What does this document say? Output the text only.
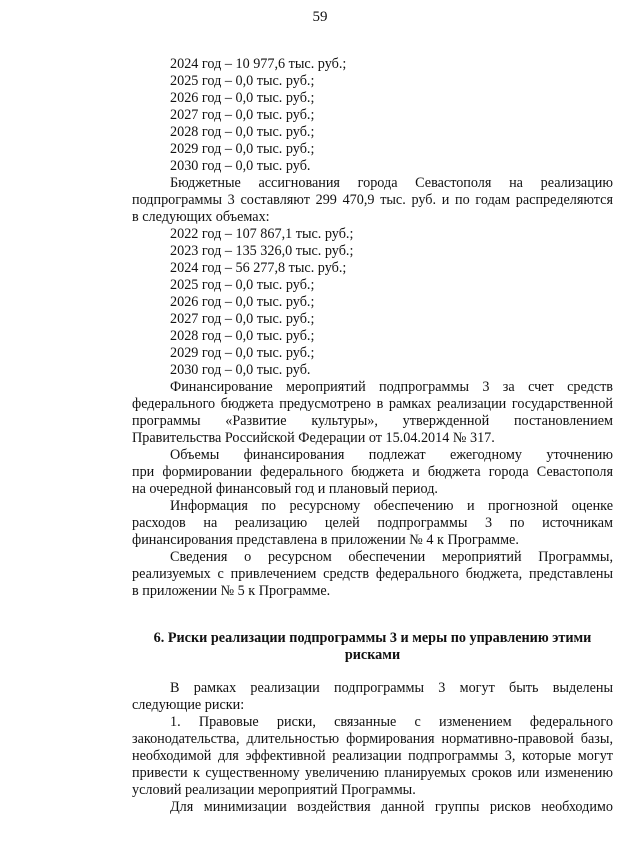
59
2024 год – 10 977,6 тыс. руб.;
2025 год – 0,0 тыс. руб.;
2026 год – 0,0 тыс. руб.;
2027 год – 0,0 тыс. руб.;
2028 год – 0,0 тыс. руб.;
2029 год – 0,0 тыс. руб.;
2030 год – 0,0 тыс. руб.
Бюджетные ассигнования города Севастополя на реализацию
подпрограммы 3 составляют 299 470,9 тыс. руб. и по годам распределяются
в следующих объемах:
2022 год – 107 867,1 тыс. руб.;
2023 год – 135 326,0 тыс. руб.;
2024 год – 56 277,8 тыс. руб.;
2025 год – 0,0 тыс. руб.;
2026 год – 0,0 тыс. руб.;
2027 год – 0,0 тыс. руб.;
2028 год – 0,0 тыс. руб.;
2029 год – 0,0 тыс. руб.;
2030 год – 0,0 тыс. руб.
Финансирование мероприятий подпрограммы 3 за счет средств
федерального бюджета предусмотрено в рамках реализации государственной
программы «Развитие культуры», утвержденной постановлением
Правительства Российской Федерации от 15.04.2014 № 317.
Объемы финансирования подлежат ежегодному уточнению
при формировании федерального бюджета и бюджета города Севастополя
на очередной финансовый год и плановый период.
Информация по ресурсному обеспечению и прогнозной оценке
расходов на реализацию целей подпрограммы 3 по источникам
финансирования представлена в приложении № 4 к Программе.
Сведения о ресурсном обеспечении мероприятий Программы,
реализуемых с привлечением средств федерального бюджета, представлены
в приложении № 5 к Программе.
6. Риски реализации подпрограммы 3 и меры по управлению этими
рисками
В рамках реализации подпрограммы 3 могут быть выделены
следующие риски:
1. Правовые риски, связанные с изменением федерального
законодательства, длительностью формирования нормативно-правовой базы,
необходимой для эффективной реализации подпрограммы 3, которые могут
привести к существенному увеличению планируемых сроков или изменению
условий реализации мероприятий Программы.
Для минимизации воздействия данной группы рисков необходимо
